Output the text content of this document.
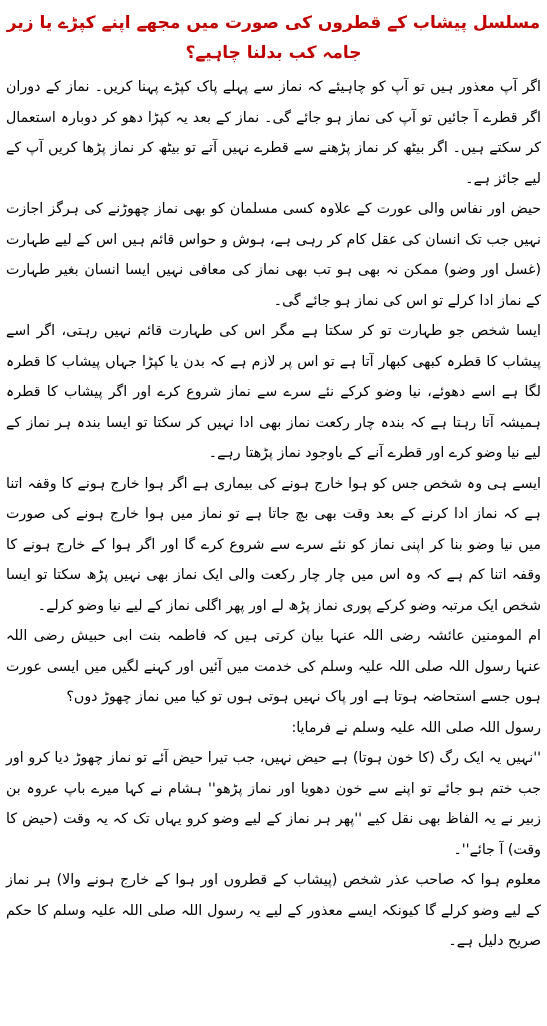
مسلسل پیشاب کے قطروں کی صورت میں مجھے اپنے کپڑے یا زیر جامہ کب بدلنا چاہیے؟

اگر آپ معذور ہیں تو آپ کو چاہیئے کہ نماز سے پہلے پاک کپڑے پہنا کریں۔ نماز کے دوران اگر قطرے آ جائیں تو آپ کی نماز ہو جائے گی۔ نماز کے بعد یہ کپڑا دھو کر دوبارہ استعمال کر سکتے ہیں۔ اگر بیٹھ کر نماز پڑھنے سے قطرے نہیں آتے تو بیٹھ کر نماز پڑھا کریں آپ کے لیے جائز ہے۔

حیض اور نفاس والی عورت کے علاوہ کسی مسلمان کو بھی نماز چھوڑنے کی ہرگز اجازت نہیں جب تک انسان کی عقل کام کر رہی ہے، ہوش و حواس قائم ہیں اس کے لیے طہارت (غسل اور وضو) ممکن نہ بھی ہو تب بھی نماز کی معافی نہیں ایسا انسان بغیر طہارت کے نماز ادا کرلے تو اس کی نماز ہو جائے گی۔

ایسا شخص جو طہارت تو کر سکتا ہے مگر اس کی طہارت قائم نہیں رہتی، اگر اسے پیشاب کا قطرہ کبھی کبھار آتا ہے تو اس پر لازم ہے کہ بدن یا کپڑا جہاں پیشاب کا قطرہ لگا ہے اسے دھوئے، نیا وضو کرکے نئے سرے سے نماز شروع کرے اور اگر پیشاب کا قطرہ ہمیشہ آتا رہتا ہے کہ بندہ چار رکعت نماز بھی ادا نہیں کر سکتا تو ایسا بندہ ہر نماز کے لیے نیا وضو کرے اور قطرے آنے کے باوجود نماز پڑھتا رہے۔

ایسے ہی وہ شخص جس کو ہوا خارج ہونے کی بیماری ہے اگر ہوا خارج ہونے کا وقفہ اتنا ہے کہ نماز ادا کرنے کے بعد وقت بھی بچ جاتا ہے تو نماز میں ہوا خارج ہونے کی صورت میں نیا وضو بنا کر اپنی نماز کو نئے سرے سے شروع کرے گا اور اگر ہوا کے خارج ہونے کا وقفہ اتنا کم ہے کہ وہ اس میں چار چار رکعت والی ایک نماز بھی نہیں پڑھ سکتا تو ایسا شخص ایک مرتبہ وضو کرکے پوری نماز پڑھ لے اور پھر اگلی نماز کے لیے نیا وضو کرلے۔

ام المومنین عائشہ رضی اللہ عنہا بیان کرتی ہیں کہ فاطمہ بنت ابی حبیش رضی اللہ عنہا رسول اللہ صلی اللہ علیہ وسلم کی خدمت میں آئیں اور کہنے لگیں میں ایسی عورت ہوں جسے استحاضہ ہوتا ہے اور پاک نہیں ہوتی ہوں تو کیا میں نماز چھوڑ دوں؟

رسول اللہ صلی اللہ علیہ وسلم نے فرمایا:

''نہیں یہ ایک رگ (کا خون ہوتا) ہے حیض نہیں، جب تیرا حیض آئے تو نماز چھوڑ دیا کرو اور جب ختم ہو جائے تو اپنے سے خون دھویا اور نماز پڑھو'' ہشام نے کہا میرے باپ عروہ بن زبیر نے یہ الفاظ بھی نقل کیے ''پھر ہر نماز کے لیے وضو کرو یہاں تک کہ یہ وقت (حیض کا وقت) آ جائے''۔

معلوم ہوا کہ صاحب عذر شخص (پیشاب کے قطروں اور ہوا کے خارج ہونے والا) ہر نماز کے لیے وضو کرلے گا کیونکہ ایسے معذور کے لیے یہ رسول اللہ صلی اللہ علیہ وسلم کا حکم صریح دلیل ہے۔
